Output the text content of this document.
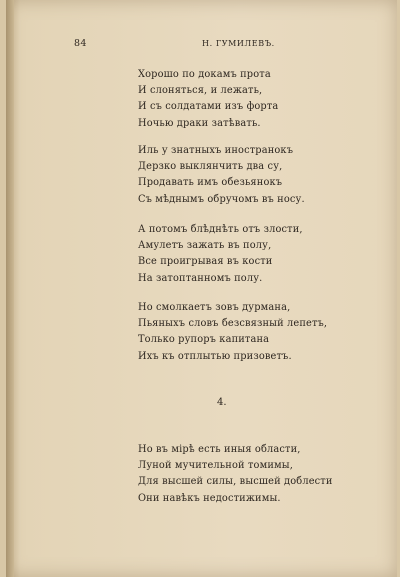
84	Н. ГУМИЛЕВЪ.
Хорошо по докамъ прота
И слоняться, и лежать,
И съ солдатами изъ форта
Ночью драки затѣвать.
Иль у знатныхъ иностранокъ
Дерзко выклянчить два су,
Продавать имъ обезьянокъ
Съ мѣднымъ обручомъ въ носу.
А потомъ блѣднѣть отъ злости,
Амулетъ зажать въ полу,
Все проигрывая въ кости
На затоптанномъ полу.
Но смолкаетъ зовъ дурмана,
Пьяныхъ словъ безсвязный лепетъ,
Только рупоръ капитана
Ихъ къ отплытью призоветъ.
4.
Но въ мірѣ есть иныя области,
Луной мучительной томимы,
Для высшей силы, высшей доблести
Они навѣкъ недостижимы.
